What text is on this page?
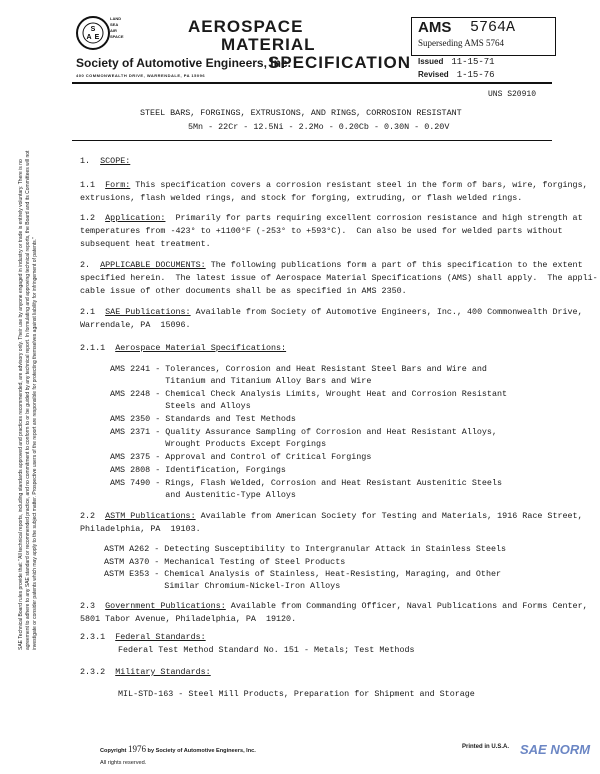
S
A E
LAND
SEA
AIR
SPACE
AEROSPACE
MATERIAL
SPECIFICATION
Society of Automotive Engineers, Inc.
400 COMMONWEALTH DRIVE, WARRENDALE, PA 15096
AMS 5764A
Superseding AMS 5764
Issued 11-15-71
Revised 1-15-76
UNS S20910
STEEL BARS, FORGINGS, EXTRUSIONS, AND RINGS, CORROSION RESISTANT
5Mn - 22Cr - 12.5Ni - 2.2Mo - 0.20Cb - 0.30N - 0.20V
SAE Technical Board rules provide that: "All technical reports, including standards approved and practices recommended, are advisory only. Their use by anyone engaged in industry or trade is entirely voluntary. There is no agreement to adhere to any SAE standard or recommended practice, and no commitment to conform to or be guided by any technical report. In formulating and approving technical reports, the Board and its Committees will not investigate or consider patents which may apply to the subject matter. Prospective users of the report are responsible for protecting themselves against liability for infringement of patents."
1. SCOPE:
1.1 Form: This specification covers a corrosion resistant steel in the form of bars, wire, forgings,
extrusions, flash welded rings, and stock for forging, extruding, or flash welded rings.
1.2 Application:  Primarily for parts requiring excellent corrosion resistance and high strength at
temperatures from -423° to +1100°F (-253° to +593°C).  Can also be used for welded parts without
subsequent heat treatment.
2. APPLICABLE DOCUMENTS: The following publications form a part of this specification to the extent
specified herein.  The latest issue of Aerospace Material Specifications (AMS) shall apply.  The appli-
cable issue of other documents shall be as specified in AMS 2350.
2.1 SAE Publications: Available from Society of Automotive Engineers, Inc., 400 Commonwealth Drive,
Warrendale, PA  15096.
2.1.1 Aerospace Material Specifications:
AMS 2241 - Tolerances, Corrosion and Heat Resistant Steel Bars and Wire and
Titanium and Titanium Alloy Bars and Wire
AMS 2248 - Chemical Check Analysis Limits, Wrought Heat and Corrosion Resistant
Steels and Alloys
AMS 2350 - Standards and Test Methods
AMS 2371 - Quality Assurance Sampling of Corrosion and Heat Resistant Alloys,
Wrought Products Except Forgings
AMS 2375 - Approval and Control of Critical Forgings
AMS 2808 - Identification, Forgings
AMS 7490 - Rings, Flash Welded, Corrosion and Heat Resistant Austenitic Steels
and Austenitic-Type Alloys
2.2 ASTM Publications: Available from American Society for Testing and Materials, 1916 Race Street,
Philadelphia, PA  19103.
ASTM A262 - Detecting Susceptibility to Intergranular Attack in Stainless Steels
ASTM A370 - Mechanical Testing of Steel Products
ASTM E353 - Chemical Analysis of Stainless, Heat-Resisting, Maraging, and Other
Similar Chromium-Nickel-Iron Alloys
2.3 Government Publications: Available from Commanding Officer, Naval Publications and Forms Center,
5801 Tabor Avenue, Philadelphia, PA  19120.
2.3.1 Federal Standards:
Federal Test Method Standard No. 151 - Metals; Test Methods
2.3.2 Military Standards:
MIL-STD-163 - Steel Mill Products, Preparation for Shipment and Storage
Copyright 1976 by Society of Automotive Engineers, Inc.
All rights reserved.
Printed in U.S.A. SAE NORM
